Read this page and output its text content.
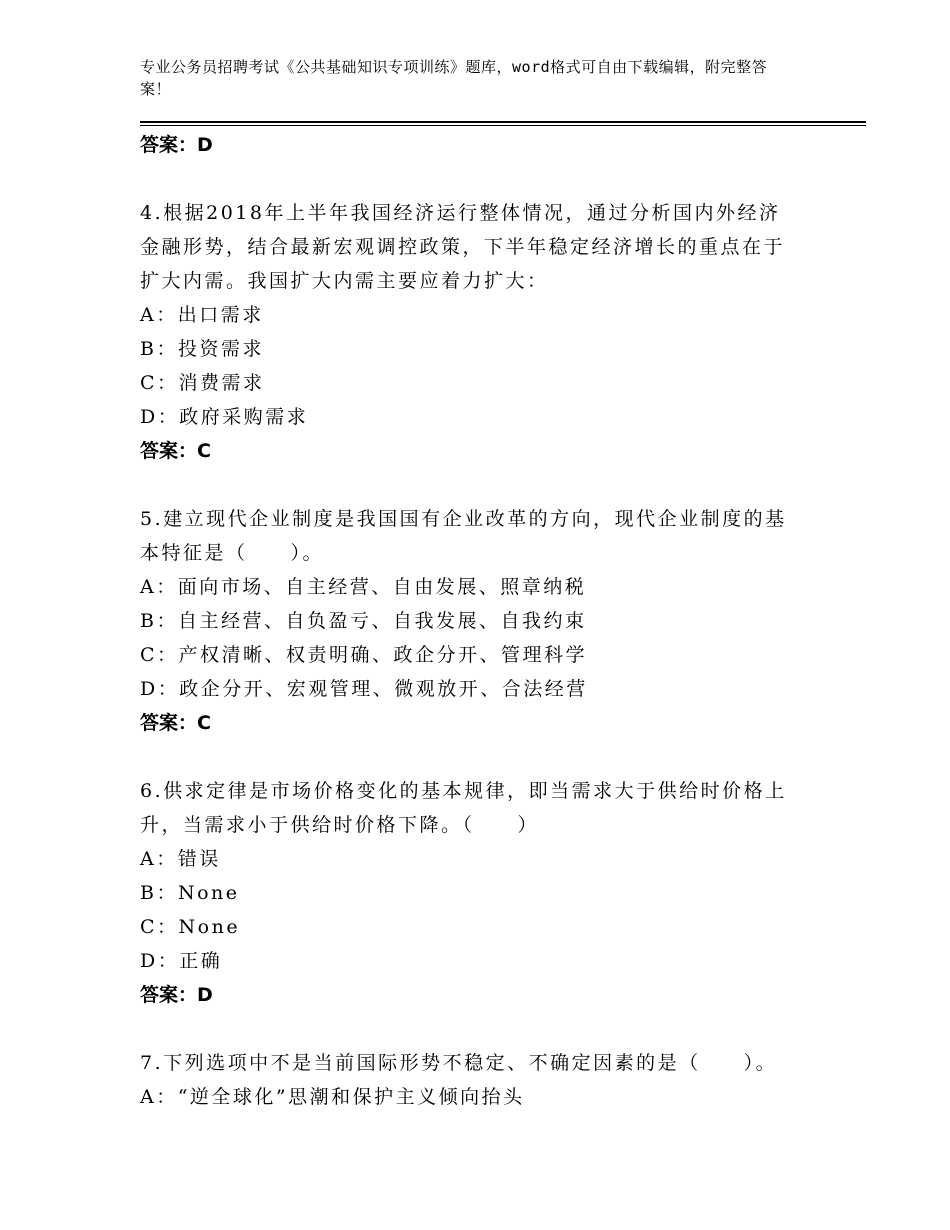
专业公务员招聘考试《公共基础知识专项训练》题库，word格式可自由下载编辑，附完整答案！
答案：D
4.根据2018年上半年我国经济运行整体情况，通过分析国内外经济金融形势，结合最新宏观调控政策，下半年稳定经济增长的重点在于扩大内需。我国扩大内需主要应着力扩大：
A：出口需求
B：投资需求
C：消费需求
D：政府采购需求
答案：C
5.建立现代企业制度是我国国有企业改革的方向，现代企业制度的基本特征是（　　）。
A：面向市场、自主经营、自由发展、照章纳税
B：自主经营、自负盈亏、自我发展、自我约束
C：产权清晰、权责明确、政企分开、管理科学
D：政企分开、宏观管理、微观放开、合法经营
答案：C
6.供求定律是市场价格变化的基本规律，即当需求大于供给时价格上升，当需求小于供给时价格下降。（　　）
A：错误
B：None
C：None
D：正确
答案：D
7.下列选项中不是当前国际形势不稳定、不确定因素的是（　　）。
A：“逆全球化”思潮和保护主义倾向抬头
